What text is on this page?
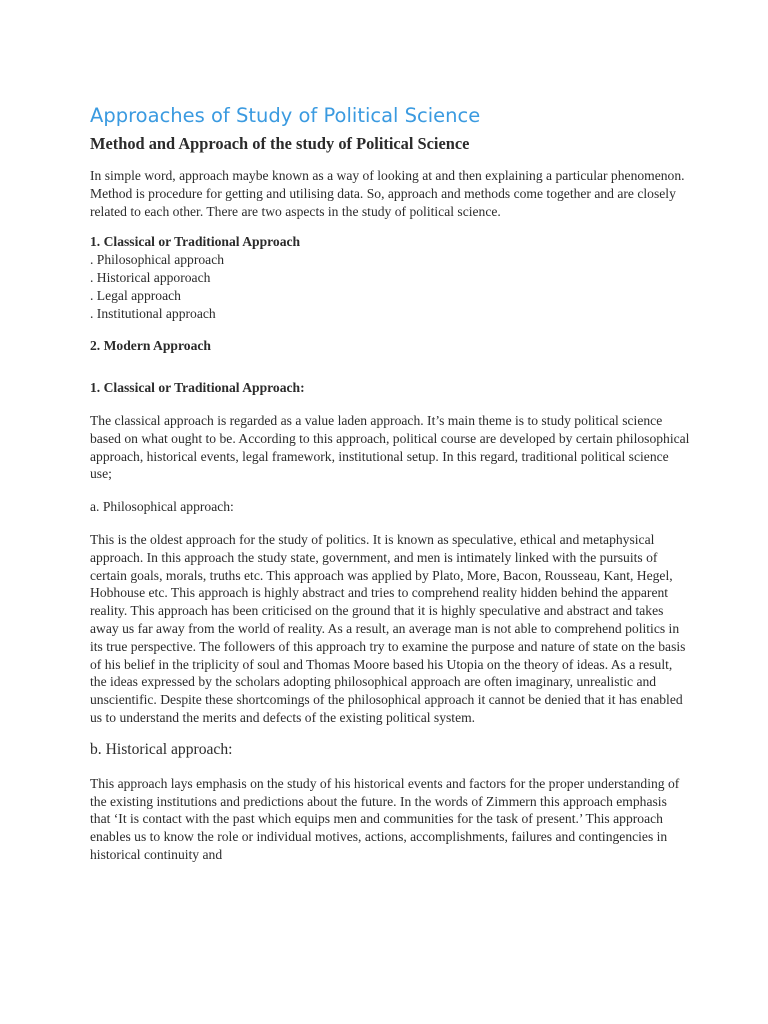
Approaches of Study of Political Science
Method and Approach of the study of Political Science

In simple word, approach maybe known as a way of looking at and then explaining a particular phenomenon. Method is procedure for getting and utilising data. So, approach and methods come together and are closely related to each other. There are two aspects in the study of political science.

1. Classical or Traditional Approach

. Philosophical approach

. Historical apporoach

. Legal approach

. Institutional approach

2. Modern Approach

1. Classical or Traditional Approach:

The classical approach is regarded as a value laden approach. It’s main theme is to study political science based on what ought to be. According to this approach, political course are developed by certain philosophical approach, historical events, legal framework, institutional setup. In this regard, traditional political science use;

a. Philosophical approach:

This is the oldest approach for the study of politics. It is known as speculative, ethical and metaphysical approach. In this approach the study state, government, and men is intimately linked with the pursuits of certain goals, morals, truths etc. This approach was applied by Plato, More, Bacon, Rousseau, Kant, Hegel, Hobhouse etc. This approach is highly abstract and tries to comprehend reality hidden behind the apparent reality. This approach has been criticised on the ground that it is highly speculative and abstract and takes away us far away from the world of reality. As a result, an average man is not able to comprehend politics in its true perspective. The followers of this approach try to examine the purpose and nature of state on the basis of his belief in the triplicity of soul and Thomas Moore based his Utopia on the theory of ideas. As a result, the ideas expressed by the scholars adopting philosophical approach are often imaginary, unrealistic and unscientific. Despite these shortcomings of the philosophical approach it cannot be denied that it has enabled us to understand the merits and defects of the existing political system.

b. Historical approach:

This approach lays emphasis on the study of his historical events and factors for the proper understanding of the existing institutions and predictions about the future. In the words of Zimmern this approach emphasis that ‘It is contact with the past which equips men and communities for the task of present.’ This approach enables us to know the role or individual motives, actions, accomplishments, failures and contingencies in historical continuity and
